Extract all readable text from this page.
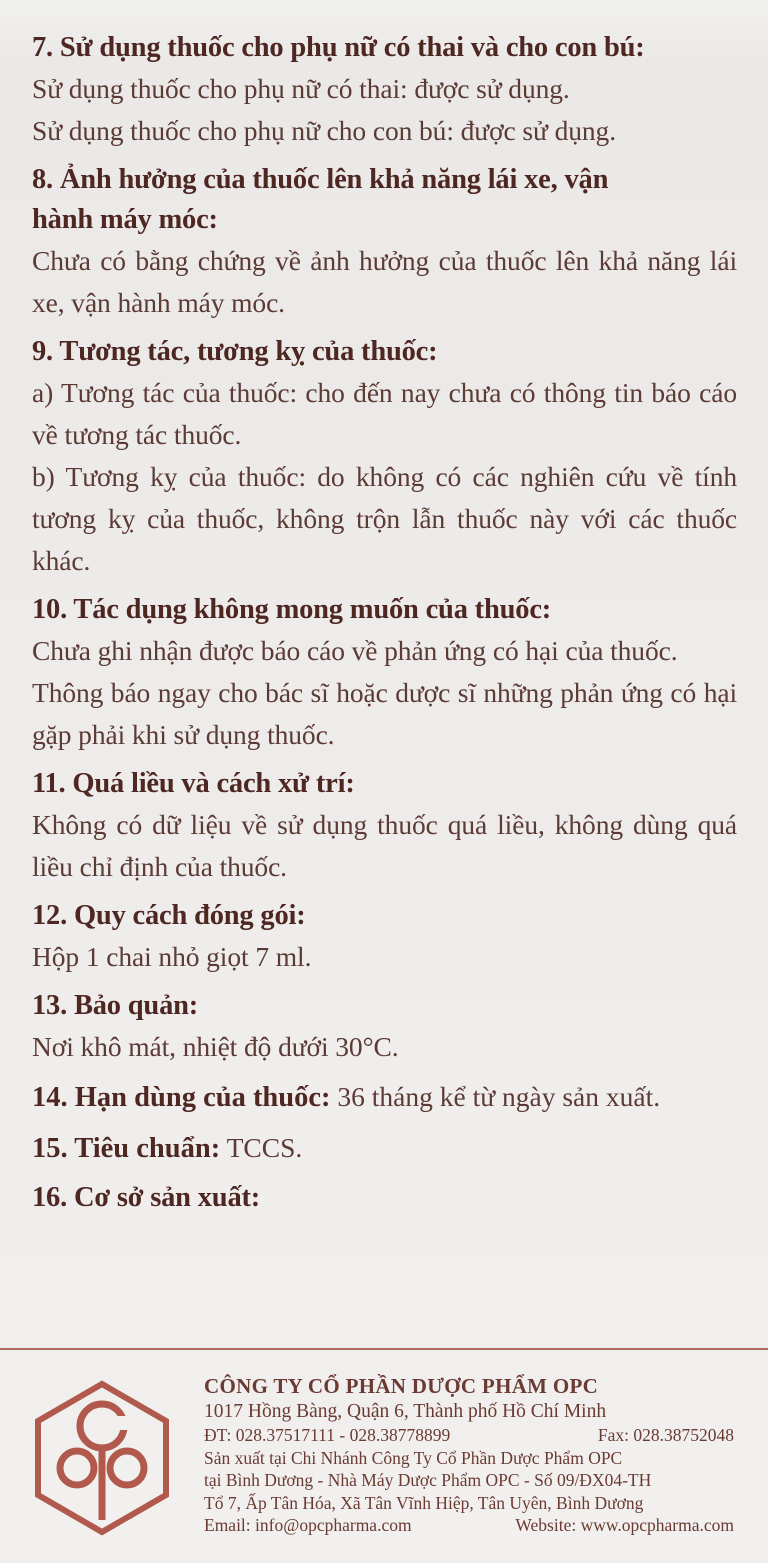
7. Sử dụng thuốc cho phụ nữ có thai và cho con bú:

Sử dụng thuốc cho phụ nữ có thai: được sử dụng.

Sử dụng thuốc cho phụ nữ cho con bú: được sử dụng.

8. Ảnh hưởng của thuốc lên khả năng lái xe, vận

hành máy móc:

Chưa có bằng chứng về ảnh hưởng của thuốc lên khả năng lái xe, vận hành máy móc.

9. Tương tác, tương kỵ của thuốc:

a) Tương tác của thuốc: cho đến nay chưa có thông tin báo cáo về tương tác thuốc.

b) Tương kỵ của thuốc: do không có các nghiên cứu về tính tương kỵ của thuốc, không trộn lẫn thuốc này với các thuốc khác.

10. Tác dụng không mong muốn của thuốc:

Chưa ghi nhận được báo cáo về phản ứng có hại của thuốc.

Thông báo ngay cho bác sĩ hoặc dược sĩ những phản ứng có hại gặp phải khi sử dụng thuốc.

11. Quá liều và cách xử trí:

Không có dữ liệu về sử dụng thuốc quá liều, không dùng quá liều chỉ định của thuốc.

12. Quy cách đóng gói:

Hộp 1 chai nhỏ giọt 7 ml.

13. Bảo quản:

Nơi khô mát, nhiệt độ dưới 30°C.

14. Hạn dùng của thuốc: 36 tháng kể từ ngày sản xuất.

15. Tiêu chuẩn: TCCS.

16. Cơ sở sản xuất:

OPC

CÔNG TY CỔ PHẦN DƯỢC PHẨM OPC

1017 Hồng Bàng, Quận 6, Thành phố Hồ Chí Minh

ĐT: 028.37517111 - 028.38778899	Fax: 028.38752048

Sản xuất tại Chi Nhánh Công Ty Cổ Phần Dược Phẩm OPC

tại Bình Dương - Nhà Máy Dược Phẩm OPC - Số 09/ĐX04-TH

Tổ 7, Ấp Tân Hóa, Xã Tân Vĩnh Hiệp, Tân Uyên, Bình Dương

Email: info@opcpharma.com	Website: www.opcpharma.com
